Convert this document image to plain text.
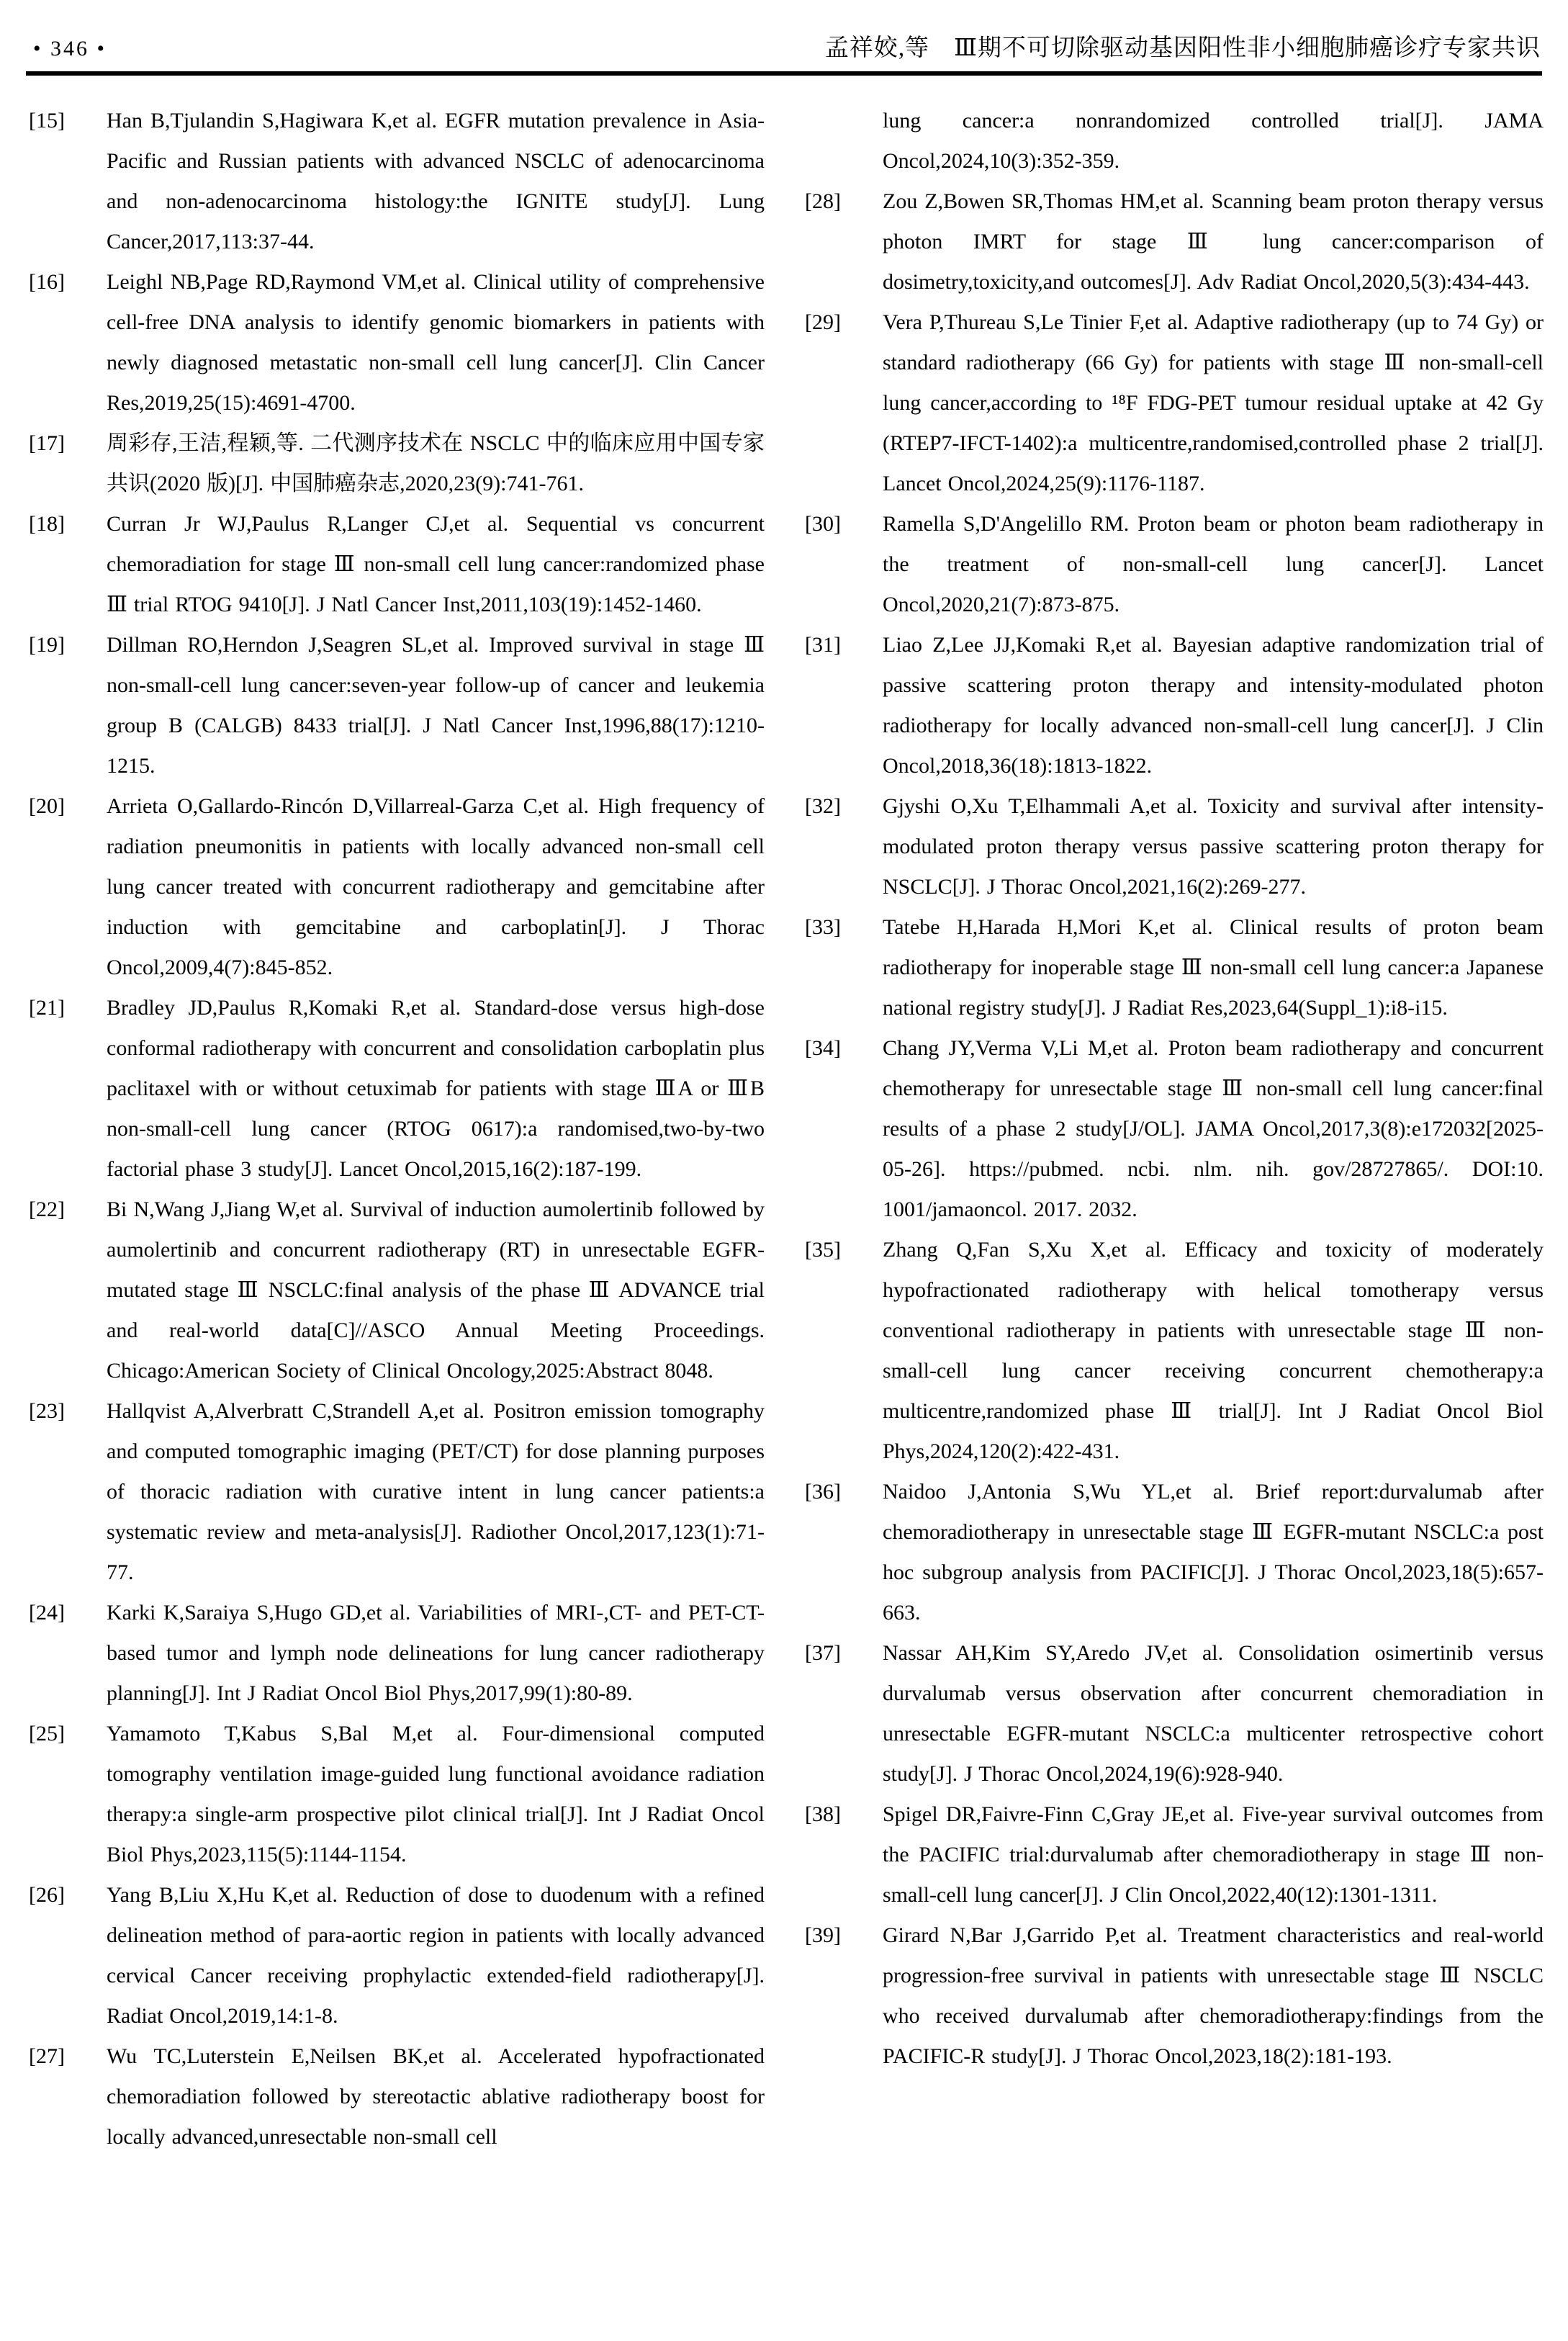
• 346 •	孟祥姣,等　Ⅲ期不可切除驱动基因阳性非小细胞肺癌诊疗专家共识
[15]	Han B,Tjulandin S,Hagiwara K,et al. EGFR mutation prevalence in Asia-Pacific and Russian patients with advanced NSCLC of adenocarcinoma and non-adenocarcinoma histology:the IGNITE study[J]. Lung Cancer,2017,113:37-44.

[16]	Leighl NB,Page RD,Raymond VM,et al. Clinical utility of comprehensive cell-free DNA analysis to identify genomic biomarkers in patients with newly diagnosed metastatic non-small cell lung cancer[J]. Clin Cancer Res,2019,25(15):4691-4700.

[17]	周彩存,王洁,程颖,等. 二代测序技术在 NSCLC 中的临床应用中国专家共识(2020 版)[J]. 中国肺癌杂志,2020,23(9):741-761.

[18]	Curran Jr WJ,Paulus R,Langer CJ,et al. Sequential vs concurrent chemoradiation for stage Ⅲ non-small cell lung cancer:randomized phase Ⅲ trial RTOG 9410[J]. J Natl Cancer Inst,2011,103(19):1452-1460.

[19]	Dillman RO,Herndon J,Seagren SL,et al. Improved survival in stage Ⅲ non-small-cell lung cancer:seven-year follow-up of cancer and leukemia group B (CALGB) 8433 trial[J]. J Natl Cancer Inst,1996,88(17):1210-1215.

[20]	Arrieta O,Gallardo-Rincón D,Villarreal-Garza C,et al. High frequency of radiation pneumonitis in patients with locally advanced non-small cell lung cancer treated with concurrent radiotherapy and gemcitabine after induction with gemcitabine and carboplatin[J]. J Thorac Oncol,2009,4(7):845-852.

[21]	Bradley JD,Paulus R,Komaki R,et al. Standard-dose versus high-dose conformal radiotherapy with concurrent and consolidation carboplatin plus paclitaxel with or without cetuximab for patients with stage ⅢA or ⅢB non-small-cell lung cancer (RTOG 0617):a randomised,two-by-two factorial phase 3 study[J]. Lancet Oncol,2015,16(2):187-199.

[22]	Bi N,Wang J,Jiang W,et al. Survival of induction aumolertinib followed by aumolertinib and concurrent radiotherapy (RT) in unresectable EGFR-mutated stage Ⅲ NSCLC:final analysis of the phase Ⅲ ADVANCE trial and real-world data[C]//ASCO Annual Meeting Proceedings. Chicago:American Society of Clinical Oncology,2025:Abstract 8048.

[23]	Hallqvist A,Alverbratt C,Strandell A,et al. Positron emission tomography and computed tomographic imaging (PET/CT) for dose planning purposes of thoracic radiation with curative intent in lung cancer patients:a systematic review and meta-analysis[J]. Radiother Oncol,2017,123(1):71-77.

[24]	Karki K,Saraiya S,Hugo GD,et al. Variabilities of MRI-,CT- and PET-CT-based tumor and lymph node delineations for lung cancer radiotherapy planning[J]. Int J Radiat Oncol Biol Phys,2017,99(1):80-89.

[25]	Yamamoto T,Kabus S,Bal M,et al. Four-dimensional computed tomography ventilation image-guided lung functional avoidance radiation therapy:a single-arm prospective pilot clinical trial[J]. Int J Radiat Oncol Biol Phys,2023,115(5):1144-1154.

[26]	Yang B,Liu X,Hu K,et al. Reduction of dose to duodenum with a refined delineation method of para-aortic region in patients with locally advanced cervical Cancer receiving prophylactic extended-field radiotherapy[J]. Radiat Oncol,2019,14:1-8.

[27]	Wu TC,Luterstein E,Neilsen BK,et al. Accelerated hypofractionated chemoradiation followed by stereotactic ablative radiotherapy boost for locally advanced,unresectable non-small cell

lung cancer:a nonrandomized controlled trial[J]. JAMA Oncol,2024,10(3):352-359.

[28]	Zou Z,Bowen SR,Thomas HM,et al. Scanning beam proton therapy versus photon IMRT for stage Ⅲ lung cancer:comparison of dosimetry,toxicity,and outcomes[J]. Adv Radiat Oncol,2020,5(3):434-443.

[29]	Vera P,Thureau S,Le Tinier F,et al. Adaptive radiotherapy (up to 74 Gy) or standard radiotherapy (66 Gy) for patients with stage Ⅲ non-small-cell lung cancer,according to ¹⁸F FDG-PET tumour residual uptake at 42 Gy (RTEP7-IFCT-1402):a multicentre,randomised,controlled phase 2 trial[J]. Lancet Oncol,2024,25(9):1176-1187.

[30]	Ramella S,D'Angelillo RM. Proton beam or photon beam radiotherapy in the treatment of non-small-cell lung cancer[J]. Lancet Oncol,2020,21(7):873-875.

[31]	Liao Z,Lee JJ,Komaki R,et al. Bayesian adaptive randomization trial of passive scattering proton therapy and intensity-modulated photon radiotherapy for locally advanced non-small-cell lung cancer[J]. J Clin Oncol,2018,36(18):1813-1822.

[32]	Gjyshi O,Xu T,Elhammali A,et al. Toxicity and survival after intensity-modulated proton therapy versus passive scattering proton therapy for NSCLC[J]. J Thorac Oncol,2021,16(2):269-277.

[33]	Tatebe H,Harada H,Mori K,et al. Clinical results of proton beam radiotherapy for inoperable stage Ⅲ non-small cell lung cancer:a Japanese national registry study[J]. J Radiat Res,2023,64(Suppl_1):i8-i15.

[34]	Chang JY,Verma V,Li M,et al. Proton beam radiotherapy and concurrent chemotherapy for unresectable stage Ⅲ non-small cell lung cancer:final results of a phase 2 study[J/OL]. JAMA Oncol,2017,3(8):e172032[2025-05-26]. https://pubmed. ncbi. nlm. nih. gov/28727865/. DOI:10. 1001/jamaoncol. 2017. 2032.

[35]	Zhang Q,Fan S,Xu X,et al. Efficacy and toxicity of moderately hypofractionated radiotherapy with helical tomotherapy versus conventional radiotherapy in patients with unresectable stage Ⅲ non-small-cell lung cancer receiving concurrent chemotherapy:a multicentre,randomized phase Ⅲ trial[J]. Int J Radiat Oncol Biol Phys,2024,120(2):422-431.

[36]	Naidoo J,Antonia S,Wu YL,et al. Brief report:durvalumab after chemoradiotherapy in unresectable stage Ⅲ EGFR-mutant NSCLC:a post hoc subgroup analysis from PACIFIC[J]. J Thorac Oncol,2023,18(5):657-663.

[37]	Nassar AH,Kim SY,Aredo JV,et al. Consolidation osimertinib versus durvalumab versus observation after concurrent chemoradiation in unresectable EGFR-mutant NSCLC:a multicenter retrospective cohort study[J]. J Thorac Oncol,2024,19(6):928-940.

[38]	Spigel DR,Faivre-Finn C,Gray JE,et al. Five-year survival outcomes from the PACIFIC trial:durvalumab after chemoradiotherapy in stage Ⅲ non-small-cell lung cancer[J]. J Clin Oncol,2022,40(12):1301-1311.

[39]	Girard N,Bar J,Garrido P,et al. Treatment characteristics and real-world progression-free survival in patients with unresectable stage Ⅲ NSCLC who received durvalumab after chemoradiotherapy:findings from the PACIFIC-R study[J]. J Thorac Oncol,2023,18(2):181-193.
